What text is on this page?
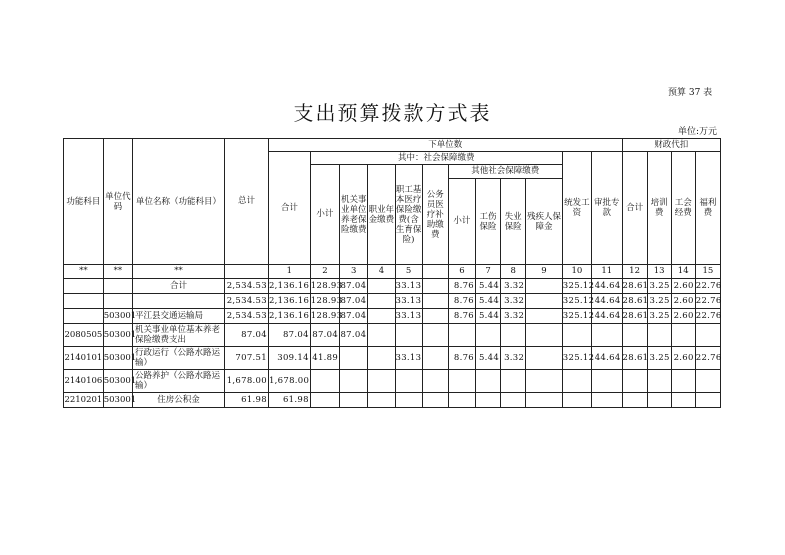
预算 37 表
支出预算拨款方式表
单位:万元
功能科目	单位代码	单位名称（功能科目）	总计	下单位数												财政代扣			
				合计	其中：社会保障缴费									统发工资	审批专款	合计	培训费	工会经费	福利费
					小计	机关事业单位养老保险缴费	职业年金缴费	职工基本医疗保险缴费(含生育保险)	公务员医疗补助缴费	其他社会保障缴费									
										小计	工伤保险	失业保险	残疾人保障金						
**	**	**		1	2	3	4	5		6	7	8	9	10	11	12	13	14	15
		合计	2,534.53	2,136.16	128.93	87.04		33.13		8.76	5.44	3.32		325.12	44.64	28.61	3.25	2.60	22.76
			2,534.53	2,136.16	128.93	87.04		33.13		8.76	5.44	3.32		325.12	44.64	28.61	3.25	2.60	22.76
	503001	平江县交通运输局	2,534.53	2,136.16	128.93	87.04		33.13		8.76	5.44	3.32		325.12	44.64	28.61	3.25	2.60	22.76
2080505	503001	机关事业单位基本养老保险缴费支出	87.04	87.04	87.04	87.04													
2140101	503001	行政运行（公路水路运输）	707.51	309.14	41.89			33.13		8.76	5.44	3.32		325.12	44.64	28.61	3.25	2.60	22.76
2140106	503001	公路养护（公路水路运输）	1,678.00	1,678.00															
2210201	503001	住房公积金	61.98	61.98															
